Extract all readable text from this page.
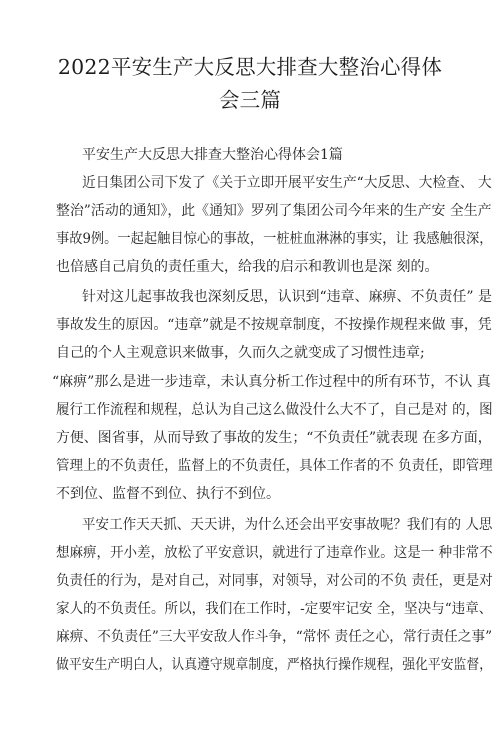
2022平安生产大反思大排查大整治心得体
会三篇
平安生产大反思大排查大整治心得体会1篇
近日集团公司下发了《关于立即开展平安生产“大反思、大检查、 大
整治”活动的通知》，此《通知》罗列了集团公司今年来的生产安 全生产
事故9例。一起起触目惊心的事故，一桩桩血淋淋的事实，让 我感触很深，
也倍感自己肩负的责任重大，给我的启示和教训也是深 刻的。
针对这儿起事故我也深刻反思，认识到“违章、麻痹、不负责任” 是
事故发生的原因。“违章”就是不按规章制度，不按操作规程来做 事，凭
自己的个人主观意识来做事，久而久之就变成了习惯性违章;
“麻痹”那么是进一步违章，未认真分析工作过程中的所有环节，不认 真
履行工作流程和规程，总认为自己这么做没什么大不了，自己是对 的，图
方便、图省事，从而导致了事故的发生；“不负责任”就表现 在多方面，
管理上的不负责任，监督上的不负责任，具体工作者的不 负责任，即管理
不到位、监督不到位、执行不到位。
平安工作天天抓、天天讲，为什么还会出平安事故呢？我们有的 人思
想麻痹，开小差，放松了平安意识，就进行了违章作业。这是一 种非常不
负责任的行为，是对自己，对同事，对领导，对公司的不负 责任，更是对
家人的不负责任。所以，我们在工作时，-定要牢记安 全，坚决与“违章、
麻痹、不负责任”三大平安敌人作斗争，“常怀 责任之心，常行责任之事”
做平安生产明白人，认真遵守规章制度，严格执行操作规程，强化平安监督，
